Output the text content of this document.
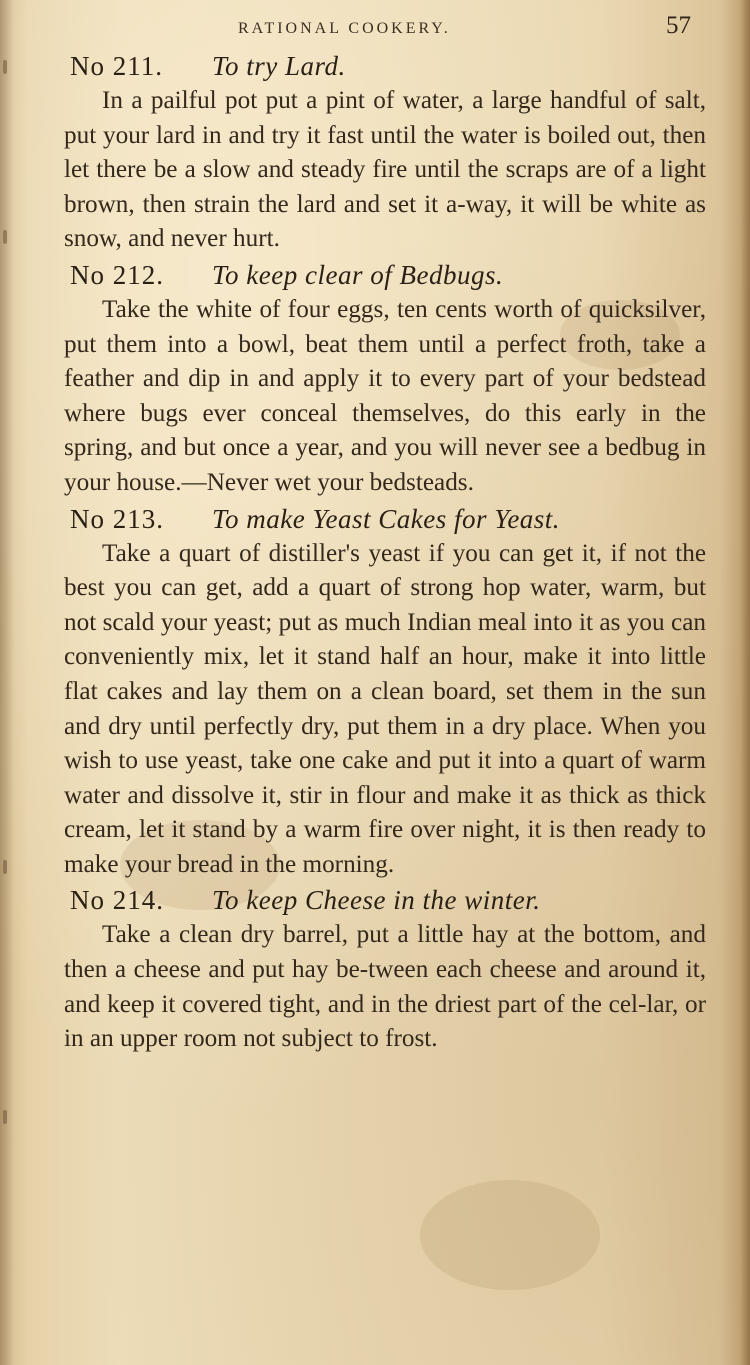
RATIONAL COOKERY.	57
No 211. To try Lard.

In a pailful pot put a pint of water, a large handful of salt, put your lard in and try it fast until the water is boiled out, then let there be a slow and steady fire until the scraps are of a light brown, then strain the lard and set it a-way, it will be white as snow, and never hurt.

No 212. To keep clear of Bedbugs.

Take the white of four eggs, ten cents worth of quicksilver, put them into a bowl, beat them until a perfect froth, take a feather and dip in and apply it to every part of your bedstead where bugs ever conceal themselves, do this early in the spring, and but once a year, and you will never see a bedbug in your house.—Never wet your bedsteads.

No 213. To make Yeast Cakes for Yeast.

Take a quart of distiller's yeast if you can get it, if not the best you can get, add a quart of strong hop water, warm, but not scald your yeast; put as much Indian meal into it as you can conveniently mix, let it stand half an hour, make it into little flat cakes and lay them on a clean board, set them in the sun and dry until perfectly dry, put them in a dry place. When you wish to use yeast, take one cake and put it into a quart of warm water and dissolve it, stir in flour and make it as thick as thick cream, let it stand by a warm fire over night, it is then ready to make your bread in the morning.

No 214. To keep Cheese in the winter.

Take a clean dry barrel, put a little hay at the bottom, and then a cheese and put hay be-tween each cheese and around it, and keep it covered tight, and in the driest part of the cel-lar, or in an upper room not subject to frost.
